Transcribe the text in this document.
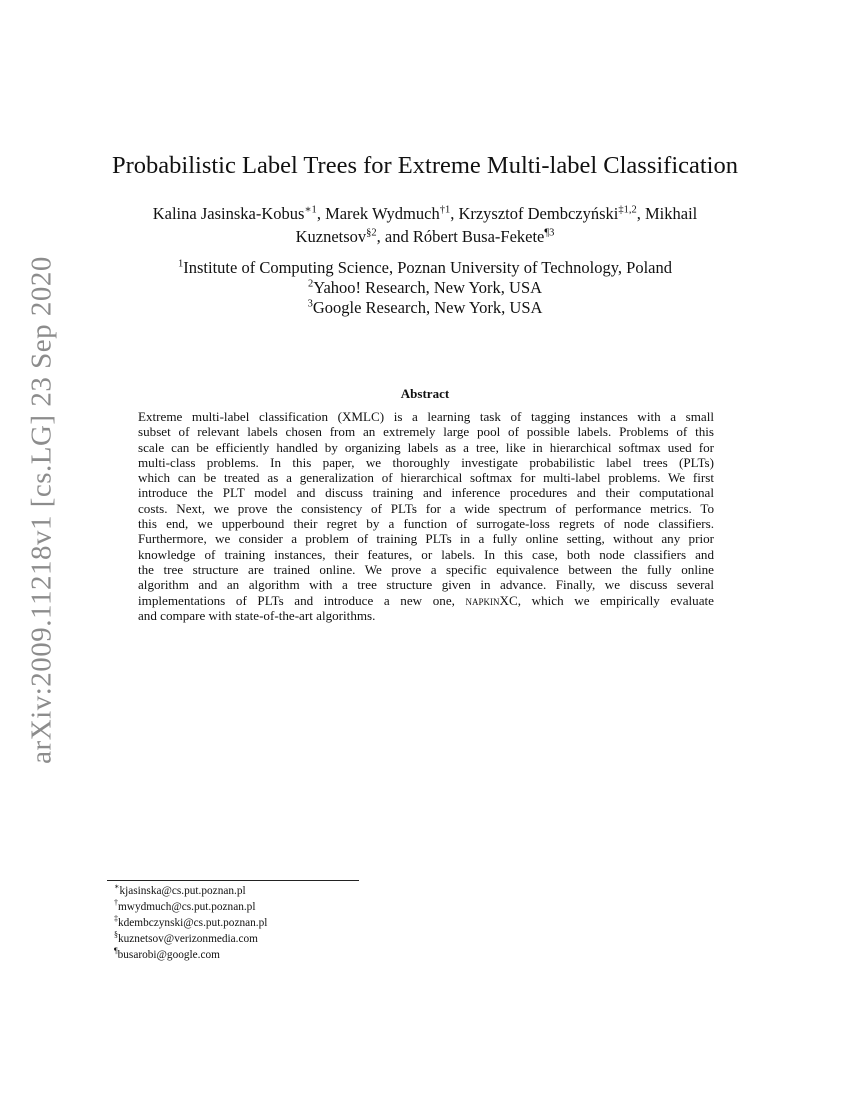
arXiv:2009.11218v1 [cs.LG] 23 Sep 2020
Probabilistic Label Trees for Extreme Multi-label Classification
Kalina Jasinska-Kobus$^{∗1}$, Marek Wydmuch$^{\dagger 1}$, Krzysztof Dembczyński$^{\ddagger 1,2}$, Mikhail
Kuznetsov$^{\S 2}$, and Róbert Busa-Fekete$^{\P 3}$
$^1$Institute of Computing Science, Poznan University of Technology, Poland
$^2$Yahoo! Research, New York, USA
$^3$Google Research, New York, USA
Abstract
Extreme multi-label classification (XMLC) is a learning task of tagging instances with a small
subset of relevant labels chosen from an extremely large pool of possible labels. Problems of this
scale can be efficiently handled by organizing labels as a tree, like in hierarchical softmax used for
multi-class problems. In this paper, we thoroughly investigate probabilistic label trees (PLTs)
which can be treated as a generalization of hierarchical softmax for multi-label problems. We first
introduce the PLT model and discuss training and inference procedures and their computational
costs. Next, we prove the consistency of PLTs for a wide spectrum of performance metrics. To
this end, we upperbound their regret by a function of surrogate-loss regrets of node classifiers.
Furthermore, we consider a problem of training PLTs in a fully online setting, without any prior
knowledge of training instances, their features, or labels. In this case, both node classifiers and
the tree structure are trained online. We prove a specific equivalence between the fully online
algorithm and an algorithm with a tree structure given in advance. Finally, we discuss several
implementations of PLTs and introduce a new one, napkinXC, which we empirically evaluate
and compare with state-of-the-art algorithms.
∗kjasinska@cs.put.poznan.pl
†mwydmuch@cs.put.poznan.pl
‡kdembczynski@cs.put.poznan.pl
§kuznetsov@verizonmedia.com
¶busarobi@google.com
